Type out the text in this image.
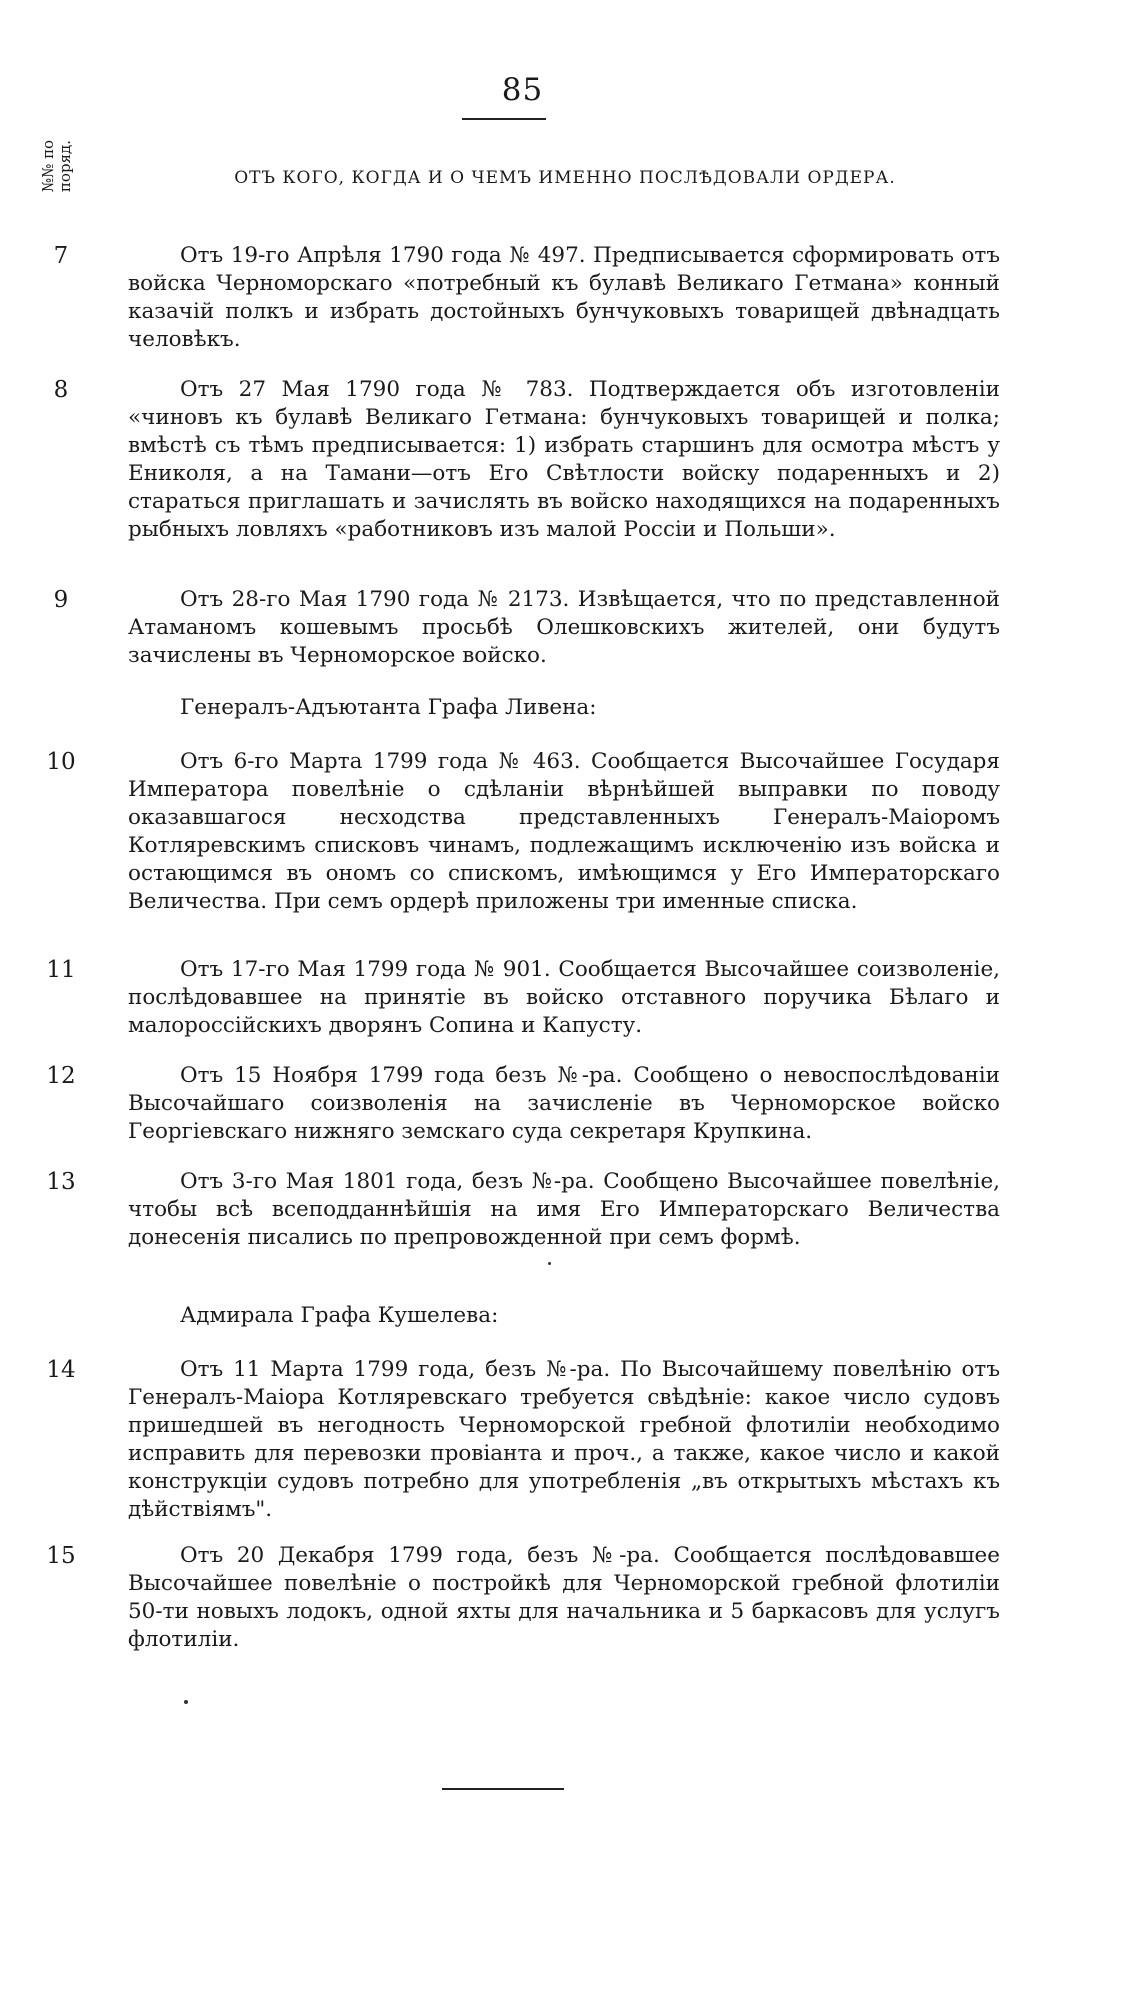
85
№№ по поряд.	ОТЪ КОГО, КОГДА И О ЧЕМЪ ИМЕННО ПОСЛѢДОВАЛИ ОРДЕРА.
7	Отъ 19-го Апрѣля 1790 года № 497. Предписывается сформировать отъ войска Черноморскаго «потребный къ булавѣ Великаго Гетмана» конный казачій полкъ и избрать достойныхъ бунчуковыхъ товарищей двѣнадцать человѣкъ.
8	Отъ 27 Мая 1790 года № 783. Подтверждается объ изготовленіи «чиновъ къ булавѣ Великаго Гетмана: бунчуковыхъ товарищей и полка; вмѣстѣ съ тѣмъ предписывается: 1) избрать старшинъ для осмотра мѣстъ у Ениколя, а на Тамани—отъ Его Свѣтлости войску подаренныхъ и 2) стараться приглашать и зачислять въ войско находящихся на подаренныхъ рыбныхъ ловляхъ «работниковъ изъ малой Россіи и Польши».
9	Отъ 28-го Мая 1790 года № 2173. Извѣщается, что по представленной Атаманомъ кошевымъ просьбѣ Олешковскихъ жителей, они будутъ зачислены въ Черноморское войско.
Генералъ-Адъютанта Графа Ливена:
10	Отъ 6-го Марта 1799 года № 463. Сообщается Высочайшее Государя Императора повелѣніе о сдѣланіи вѣрнѣйшей выправки по поводу оказавшагося несходства представленныхъ Генералъ-Маіоромъ Котляревскимъ списковъ чинамъ, подлежащимъ исключенію изъ войска и остающимся въ ономъ со спискомъ, имѣющимся у Его Императорскаго Величества. При семъ ордерѣ приложены три именные списка.
11	Отъ 17-го Мая 1799 года № 901. Сообщается Высочайшее соизволеніе, послѣдовавшее на принятіе въ войско отставного поручика Бѣлаго и малороссійскихъ дворянъ Сопина и Капусту.
12	Отъ 15 Ноября 1799 года безъ №-ра. Сообщено о невоспослѣдованіи Высочайшаго соизволенія на зачисленіе въ Черноморское войско Георгіевскаго нижняго земскаго суда секретаря Крупкина.
13	Отъ 3-го Мая 1801 года, безъ №-ра. Сообщено Высочайшее повелѣніе, чтобы всѣ всеподданнѣйшія на имя Его Императорскаго Величества донесенія писались по препровожденной при семъ формѣ.
Адмирала Графа Кушелева:
14	Отъ 11 Марта 1799 года, безъ №-ра. По Высочайшему повелѣнію отъ Генералъ-Маіора Котляревскаго требуется свѣдѣніе: какое число судовъ пришедшей въ негодность Черноморской гребной флотиліи необходимо исправить для перевозки провіанта и проч., а также, какое число и какой конструкціи судовъ потребно для употребленія „въ открытыхъ мѣстахъ къ дѣйствіямъ".
15	Отъ 20 Декабря 1799 года, безъ №-ра. Сообщается послѣдовавшее Высочайшее повелѣніе о постройкѣ для Черноморской гребной флотиліи 50-ти новыхъ лодокъ, одной яхты для начальника и 5 баркасовъ для услугъ флотиліи.
